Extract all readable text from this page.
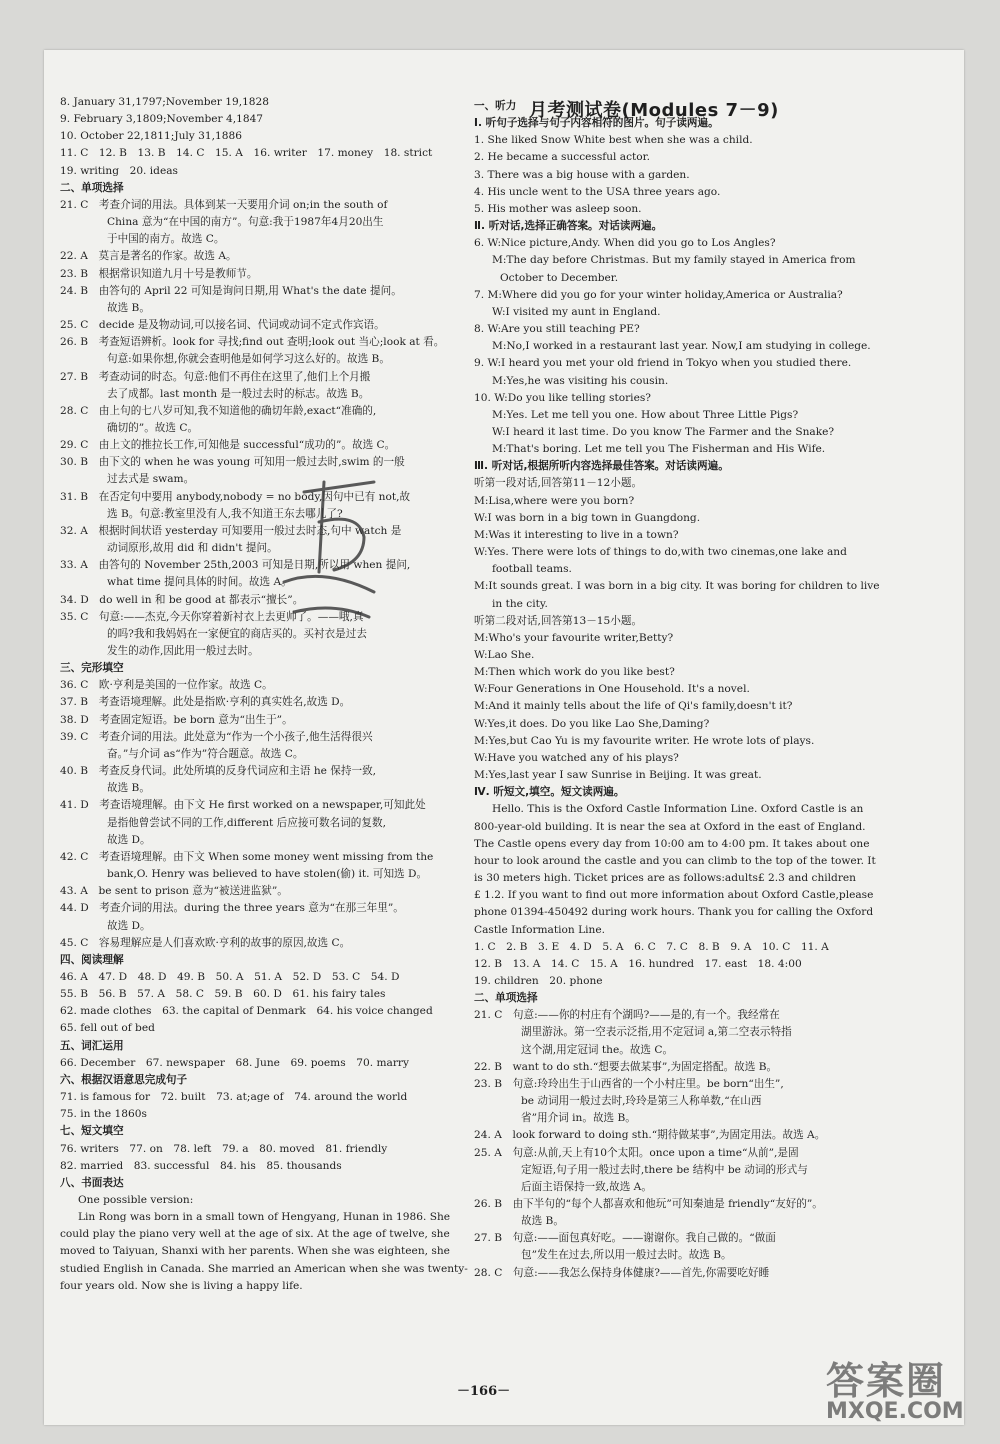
月考测试卷(Modules 7－9)
8. January 31,1797;November 19,1828
9. February 3,1809;November 4,1847
10. October 22,1811;July 31,1886
11. C　12. B　13. B　14. C　15. A　16. writer　17. money　18. strict
19. writing　20. ideas
二、单项选择
21. C　考查介词的用法。具体到某一天要用介词 on;in the south of
China 意为“在中国的南方”。句意:我于1987年4月20出生
于中国的南方。故选 C。
22. A　莫言是著名的作家。故选 A。
23. B　根据常识知道九月十号是教师节。
24. B　由答句的 April 22 可知是询问日期,用 What's the date 提问。
故选 B。
25. C　decide 是及物动词,可以接名词、代词或动词不定式作宾语。
26. B　考查短语辨析。look for 寻找;find out 查明;look out 当心;look at 看。
句意:如果你想,你就会查明他是如何学习这么好的。故选 B。
27. B　考查动词的时态。句意:他们不再住在这里了,他们上个月搬
去了成都。last month 是一般过去时的标志。故选 B。
28. C　由上句的七八岁可知,我不知道他的确切年龄,exact“准确的,
确切的”。故选 C。
29. C　由上文的推拉长工作,可知他是 successful“成功的”。故选 C。
30. B　由下文的 when he was young 可知用一般过去时,swim 的一般
过去式是 swam。
31. B　在否定句中要用 anybody,nobody = no body,因句中已有 not,故
选 B。句意:教室里没有人,我不知道王东去哪儿了?
32. A　根据时间状语 yesterday 可知要用一般过去时态,句中 watch 是
动词原形,故用 did 和 didn't 提问。
33. A　由答句的 November 25th,2003 可知是日期,所以用 when 提问,
what time 提问具体的时间。故选 A。
34. D　do well in 和 be good at 都表示“擅长”。
35. C　句意:——杰克,今天你穿着新衬衣上去更帅了。——哦,真
的吗?我和我妈妈在一家便宜的商店买的。买衬衣是过去
发生的动作,因此用一般过去时。
三、完形填空
36. C　欧·亨利是美国的一位作家。故选 C。
37. B　考查语境理解。此处是指欧·亨利的真实姓名,故选 D。
38. D　考查固定短语。be born 意为“出生于”。
39. C　考查介词的用法。此处意为“作为一个小孩子,他生活得很兴
奋。”与介词 as“作为”符合题意。故选 C。
40. B　考查反身代词。此处所填的反身代词应和主语 he 保持一致,
故选 B。
41. D　考查语境理解。由下文 He first worked on a newspaper,可知此处
是指他曾尝试不同的工作,different 后应接可数名词的复数,
故选 D。
42. C　考查语境理解。由下文 When some money went missing from the
bank,O. Henry was believed to have stolen(偷) it. 可知选 D。
43. A　be sent to prison 意为“被送进监狱”。
44. D　考查介词的用法。during the three years 意为“在那三年里”。
故选 D。
45. C　容易理解应是人们喜欢欧·亨利的故事的原因,故选 C。
四、阅读理解
46. A　47. D　48. D　49. B　50. A　51. A　52. D　53. C　54. D
55. B　56. B　57. A　58. C　59. B　60. D　61. his fairy tales
62. made clothes　63. the capital of Denmark　64. his voice changed
65. fell out of bed
五、词汇运用
66. December　67. newspaper　68. June　69. poems　70. marry
六、根据汉语意思完成句子
71. is famous for　72. built　73. at;age of　74. around the world
75. in the 1860s
七、短文填空
76. writers　77. on　78. left　79. a　80. moved　81. friendly
82. married　83. successful　84. his　85. thousands
八、书面表达
One possible version:
Lin Rong was born in a small town of Hengyang, Hunan in 1986. She
could play the piano very well at the age of six. At the age of twelve, she
moved to Taiyuan, Shanxi with her parents. When she was eighteen, she
studied English in Canada. She married an American when she was twenty-
four years old. Now she is living a happy life.
一、听力
Ⅰ. 听句子选择与句子内容相符的图片。句子读两遍。
1. She liked Snow White best when she was a child.
2. He became a successful actor.
3. There was a big house with a garden.
4. His uncle went to the USA three years ago.
5. His mother was asleep soon.
Ⅱ. 听对话,选择正确答案。对话读两遍。
6. W:Nice picture,Andy. When did you go to Los Angles?
M:The day before Christmas. But my family stayed in America from
October to December.
7. M:Where did you go for your winter holiday,America or Australia?
W:I visited my aunt in England.
8. W:Are you still teaching PE?
M:No,I worked in a restaurant last year. Now,I am studying in college.
9. W:I heard you met your old friend in Tokyo when you studied there.
M:Yes,he was visiting his cousin.
10. W:Do you like telling stories?
M:Yes. Let me tell you one. How about Three Little Pigs?
W:I heard it last time. Do you know The Farmer and the Snake?
M:That's boring. Let me tell you The Fisherman and His Wife.
Ⅲ. 听对话,根据所听内容选择最佳答案。对话读两遍。
听第一段对话,回答第11－12小题。
M:Lisa,where were you born?
W:I was born in a big town in Guangdong.
M:Was it interesting to live in a town?
W:Yes. There were lots of things to do,with two cinemas,one lake and
football teams.
M:It sounds great. I was born in a big city. It was boring for children to live
in the city.
听第二段对话,回答第13－15小题。
M:Who's your favourite writer,Betty?
W:Lao She.
M:Then which work do you like best?
W:Four Generations in One Household. It's a novel.
M:And it mainly tells about the life of Qi's family,doesn't it?
W:Yes,it does. Do you like Lao She,Daming?
M:Yes,but Cao Yu is my favourite writer. He wrote lots of plays.
W:Have you watched any of his plays?
M:Yes,last year I saw Sunrise in Beijing. It was great.
Ⅳ. 听短文,填空。短文读两遍。
Hello. This is the Oxford Castle Information Line. Oxford Castle is an
800-year-old building. It is near the sea at Oxford in the east of England.
The Castle opens every day from 10:00 am to 4:00 pm. It takes about one
hour to look around the castle and you can climb to the top of the tower. It
is 30 meters high. Ticket prices are as follows:adults£ 2.3 and children
£ 1.2. If you want to find out more information about Oxford Castle,please
phone 01394-450492 during work hours. Thank you for calling the Oxford
Castle Information Line.
1. C　2. B　3. E　4. D　5. A　6. C　7. C　8. B　9. A　10. C　11. A
12. B　13. A　14. C　15. A　16. hundred　17. east　18. 4:00
19. children　20. phone
二、单项选择
21. C　句意:——你的村庄有个湖吗?——是的,有一个。我经常在
湖里游泳。第一空表示泛指,用不定冠词 a,第二空表示特指
这个湖,用定冠词 the。故选 C。
22. B　want to do sth.“想要去做某事”,为固定搭配。故选 B。
23. B　句意:玲玲出生于山西省的一个小村庄里。be born“出生”,
be 动词用一般过去时,玲玲是第三人称单数,“在山西
省”用介词 in。故选 B。
24. A　look forward to doing sth.“期待做某事”,为固定用法。故选 A。
25. A　句意:从前,天上有10个太阳。once upon a time“从前”,是固
定短语,句子用一般过去时,there be 结构中 be 动词的形式与
后面主语保持一致,故选 A。
26. B　由下半句的“每个人都喜欢和他玩”可知秦迪是 friendly“友好的”。
故选 B。
27. B　句意:——面包真好吃。——谢谢你。我自己做的。“做面
包”发生在过去,所以用一般过去时。故选 B。
28. C　句意:——我怎么保持身体健康?——首先,你需要吃好睡
－166－	答案圈
MXQE.COM
